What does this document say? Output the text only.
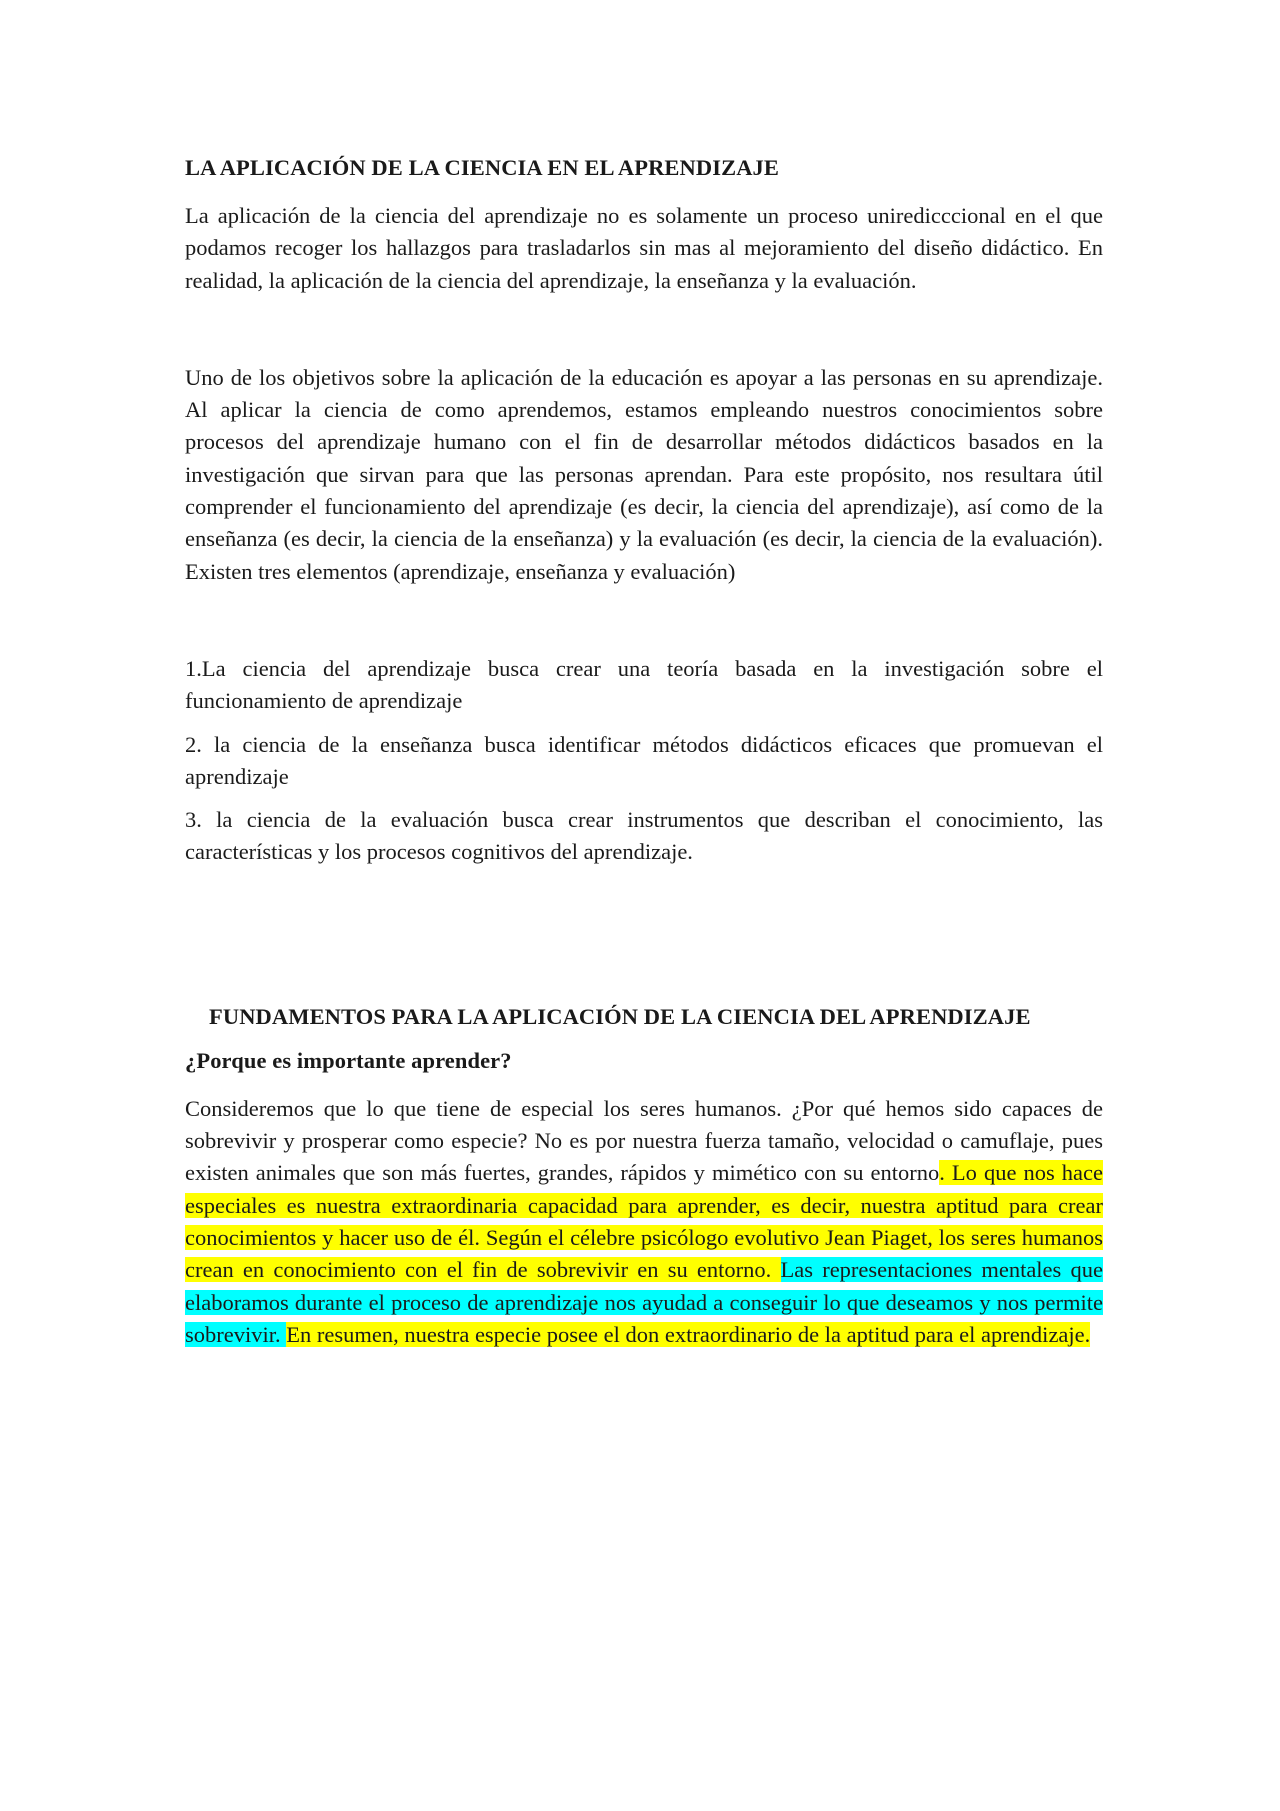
LA APLICACIÓN DE LA CIENCIA EN EL APRENDIZAJE

La aplicación de la ciencia del aprendizaje no es solamente un proceso uniredicccional en el que podamos recoger los hallazgos para trasladarlos sin mas al mejoramiento del diseño didáctico. En realidad, la aplicación de la ciencia del aprendizaje, la enseñanza y la evaluación.

Uno de los objetivos sobre la aplicación de la educación es apoyar a las personas en su aprendizaje. Al aplicar la ciencia de como aprendemos, estamos empleando nuestros conocimientos sobre procesos del aprendizaje humano con el fin de desarrollar métodos didácticos basados en la investigación que sirvan para que las personas aprendan. Para este propósito, nos resultara útil comprender el funcionamiento del aprendizaje (es decir, la ciencia del aprendizaje), así como de la enseñanza (es decir, la ciencia de la enseñanza) y la evaluación (es decir, la ciencia de la evaluación). Existen tres elementos (aprendizaje, enseñanza y evaluación)

1.La ciencia del aprendizaje busca crear una teoría basada en la investigación sobre el funcionamiento de aprendizaje

2. la ciencia de la enseñanza busca identificar métodos didácticos eficaces que promuevan el aprendizaje

3. la ciencia de la evaluación busca crear instrumentos que describan el conocimiento, las características y los procesos cognitivos del aprendizaje.

FUNDAMENTOS PARA LA APLICACIÓN DE LA CIENCIA DEL APRENDIZAJE
¿Porque es importante aprender?

Consideremos que lo que tiene de especial los seres humanos. ¿Por qué hemos sido capaces de sobrevivir y prosperar como especie? No es por nuestra fuerza tamaño, velocidad o camuflaje, pues existen animales que son más fuertes, grandes, rápidos y mimético con su entorno. Lo que nos hace especiales es nuestra extraordinaria capacidad para aprender, es decir, nuestra aptitud para crear conocimientos y hacer uso de él. Según el célebre psicólogo evolutivo Jean Piaget, los seres humanos crean en conocimiento con el fin de sobrevivir en su entorno. Las representaciones mentales que elaboramos durante el proceso de aprendizaje nos ayudad a conseguir lo que deseamos y nos permite sobrevivir. En resumen, nuestra especie posee el don extraordinario de la aptitud para el aprendizaje.
